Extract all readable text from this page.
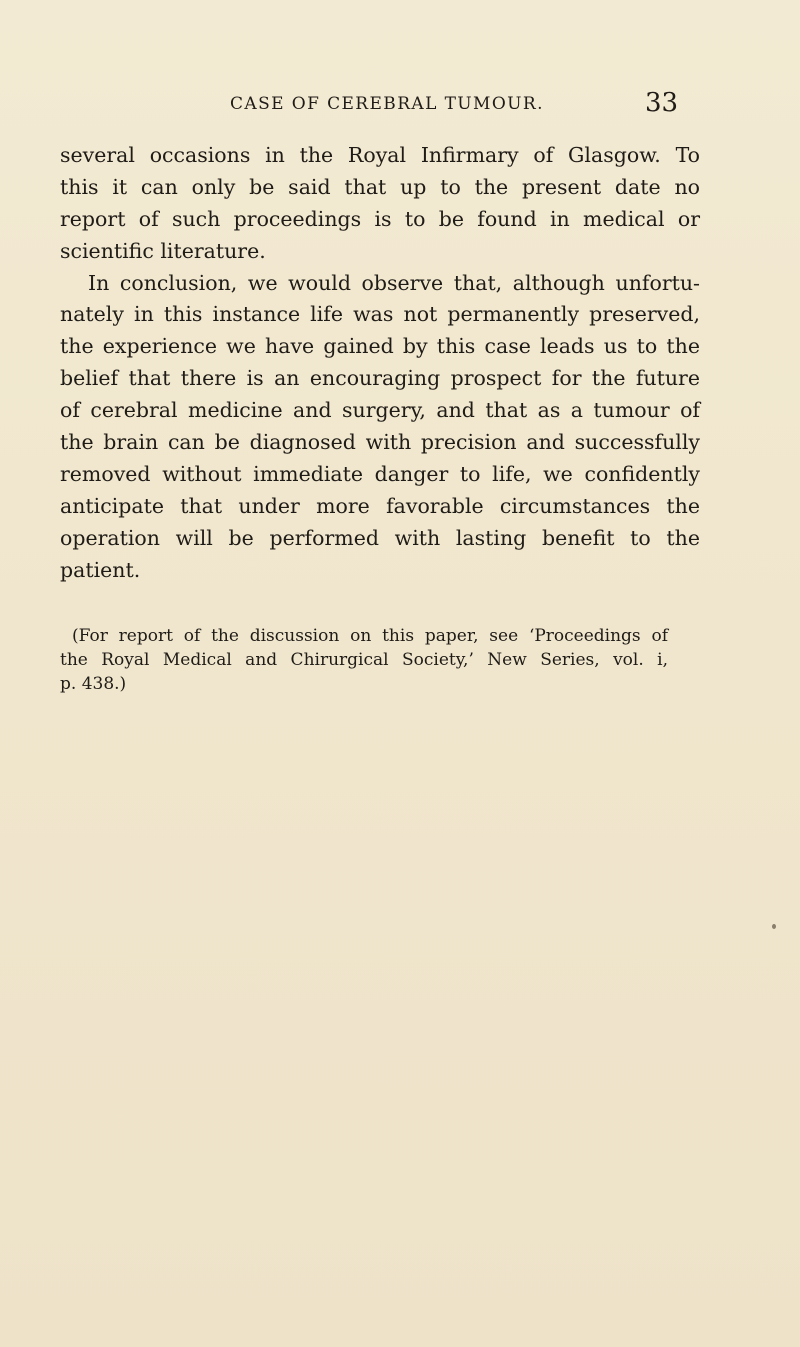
CASE OF CEREBRAL TUMOUR.	33
several occasions in the Royal Infirmary of Glasgow. To
this it can only be said that up to the present date no
report of such proceedings is to be found in medical or
scientific literature.
In conclusion, we would observe that, although unfortu-
nately in this instance life was not permanently preserved,
the experience we have gained by this case leads us to the
belief that there is an encouraging prospect for the future
of cerebral medicine and surgery, and that as a tumour of
the brain can be diagnosed with precision and successfully
removed without immediate danger to life, we confidently
anticipate that under more favorable circumstances the
operation will be performed with lasting benefit to the
patient.
(For report of the discussion on this paper, see ‘Proceedings of
the Royal Medical and Chirurgical Society,’ New Series, vol. i,
p. 438.)
